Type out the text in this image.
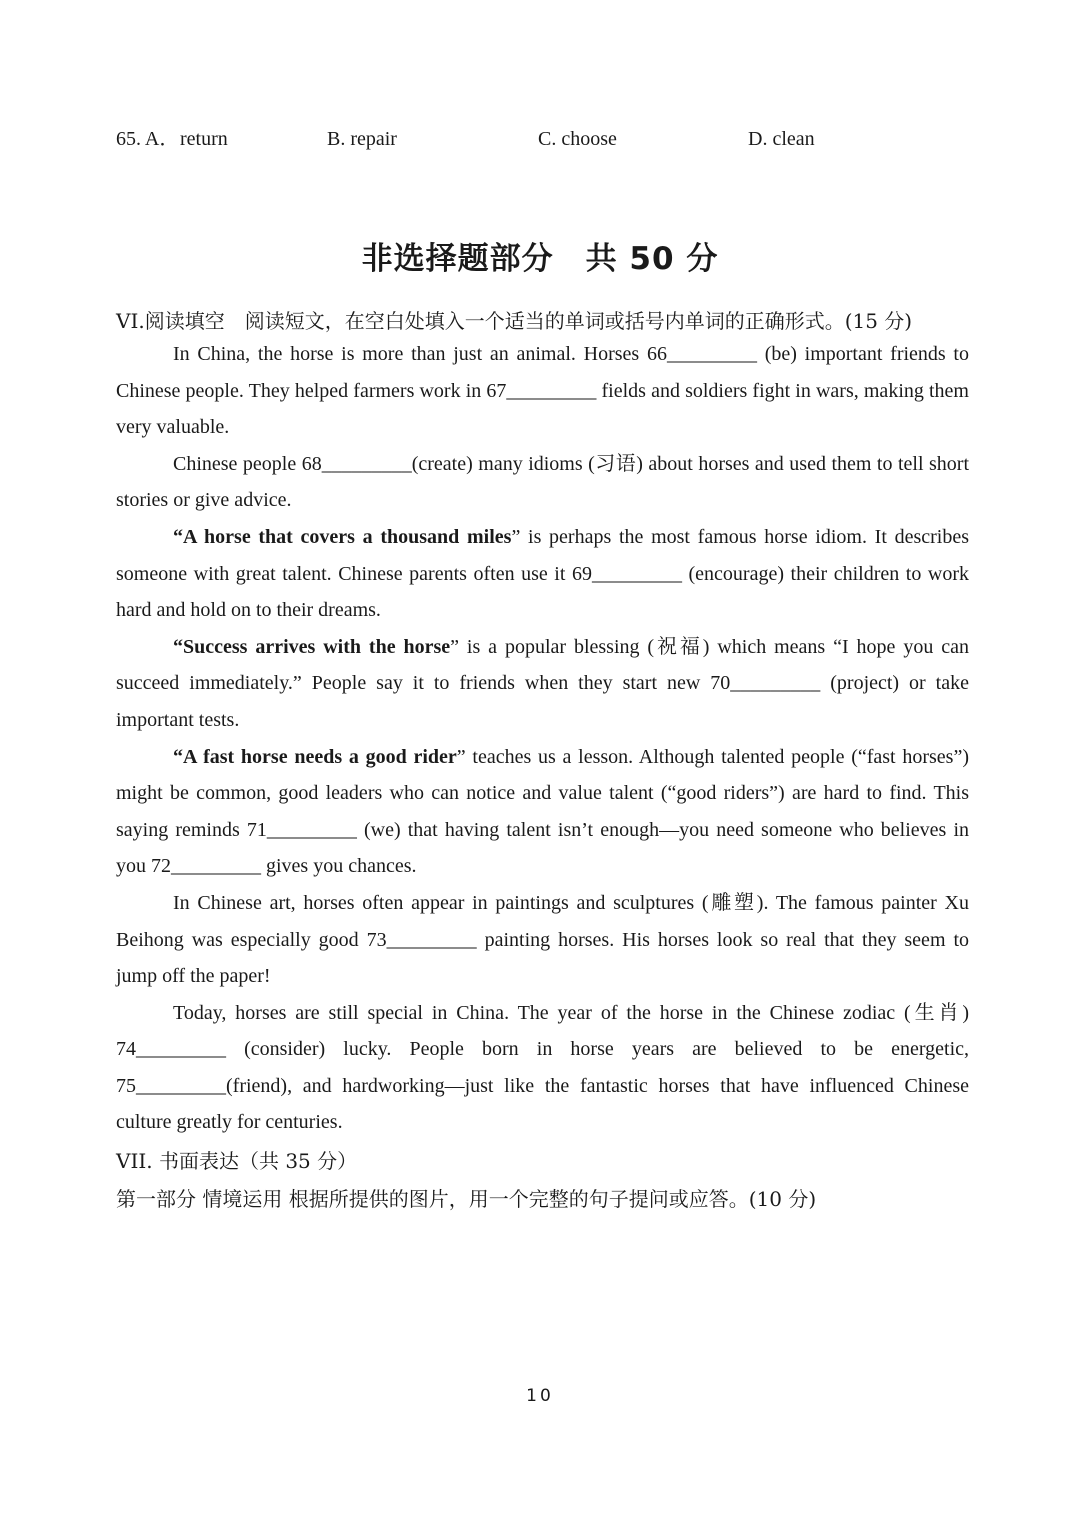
65. A． return	B. repair	C. choose	D. clean
非选择题部分　共 50 分
VI.阅读填空　阅读短文，在空白处填入一个适当的单词或括号内单词的正确形式。(15 分)

In China, the horse is more than just an animal. Horses 66_________ (be) important friends to Chinese people. They helped farmers work in 67_________ fields and soldiers fight in wars, making them very valuable.

Chinese people 68_________(create) many idioms (习语) about horses and used them to tell short stories or give advice.

“A horse that covers a thousand miles” is perhaps the most famous horse idiom. It describes someone with great talent. Chinese parents often use it 69_________ (encourage) their children to work hard and hold on to their dreams.

“Success arrives with the horse” is a popular blessing (祝福) which means “I hope you can succeed immediately.” People say it to friends when they start new 70_________ (project) or take important tests.

“A fast horse needs a good rider” teaches us a lesson. Although talented people (“fast horses”) might be common, good leaders who can notice and value talent (“good riders”) are hard to find. This saying reminds 71_________ (we) that having talent isn’t enough—you need someone who believes in you 72_________ gives you chances.

In Chinese art, horses often appear in paintings and sculptures (雕塑). The famous painter Xu Beihong was especially good 73_________ painting horses. His horses look so real that they seem to jump off the paper!

Today, horses are still special in China. The year of the horse in the Chinese zodiac (生肖) 74_________ (consider) lucky. People born in horse years are believed to be energetic, 75_________(friend), and hardworking—just like the fantastic horses that have influenced Chinese culture greatly for centuries.

VII. 书面表达（共 35 分）
第一部分 情境运用 根据所提供的图片，用一个完整的句子提问或应答。(10 分)
10
